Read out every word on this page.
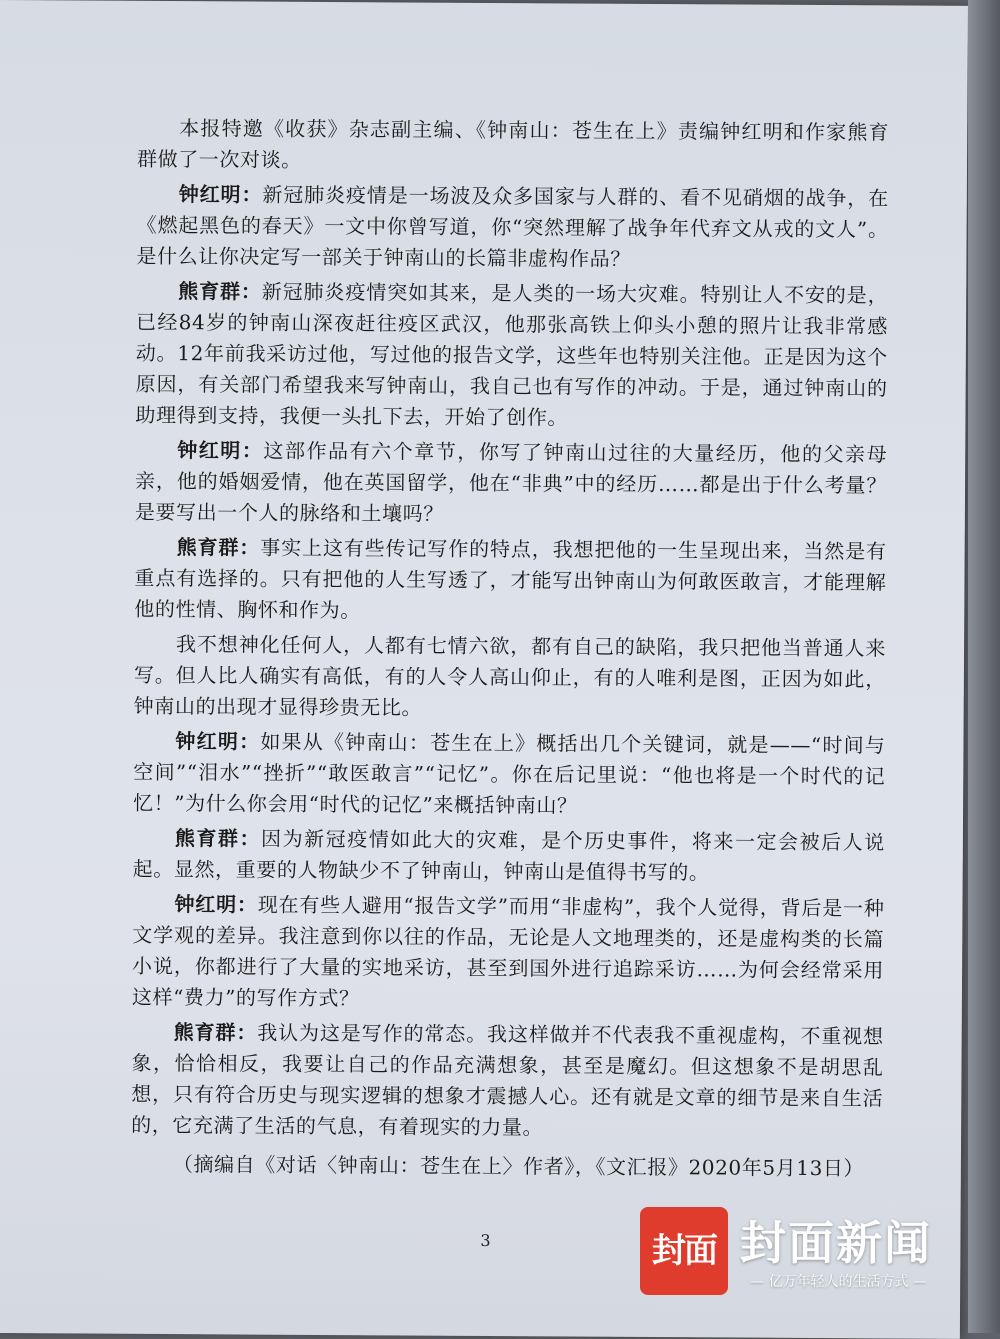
本报特邀《收获》杂志副主编、《钟南山：苍生在上》责编钟红明和作家熊育群做了一次对谈。

钟红明：新冠肺炎疫情是一场波及众多国家与人群的、看不见硝烟的战争，在《燃起黑色的春天》一文中你曾写道，你“突然理解了战争年代弃文从戎的文人”。是什么让你决定写一部关于钟南山的长篇非虚构作品？

熊育群：新冠肺炎疫情突如其来，是人类的一场大灾难。特别让人不安的是，已经84岁的钟南山深夜赶往疫区武汉，他那张高铁上仰头小憩的照片让我非常感动。12年前我采访过他，写过他的报告文学，这些年也特别关注他。正是因为这个原因，有关部门希望我来写钟南山，我自己也有写作的冲动。于是，通过钟南山的助理得到支持，我便一头扎下去，开始了创作。

钟红明：这部作品有六个章节，你写了钟南山过往的大量经历，他的父亲母亲，他的婚姻爱情，他在英国留学，他在“非典”中的经历……都是出于什么考量？是要写出一个人的脉络和土壤吗？

熊育群：事实上这有些传记写作的特点，我想把他的一生呈现出来，当然是有重点有选择的。只有把他的人生写透了，才能写出钟南山为何敢医敢言，才能理解他的性情、胸怀和作为。

我不想神化任何人，人都有七情六欲，都有自己的缺陷，我只把他当普通人来写。但人比人确实有高低，有的人令人高山仰止，有的人唯利是图，正因为如此，钟南山的出现才显得珍贵无比。

钟红明：如果从《钟南山：苍生在上》概括出几个关键词，就是——“时间与空间”“泪水”“挫折”“敢医敢言”“记忆”。你在后记里说：“他也将是一个时代的记忆！”为什么你会用“时代的记忆”来概括钟南山？

熊育群：因为新冠疫情如此大的灾难，是个历史事件，将来一定会被后人说起。显然，重要的人物缺少不了钟南山，钟南山是值得书写的。

钟红明：现在有些人避用“报告文学”而用“非虚构”，我个人觉得，背后是一种文学观的差异。我注意到你以往的作品，无论是人文地理类的，还是虚构类的长篇小说，你都进行了大量的实地采访，甚至到国外进行追踪采访……为何会经常采用这样“费力”的写作方式？

熊育群：我认为这是写作的常态。我这样做并不代表我不重视虚构，不重视想象，恰恰相反，我要让自己的作品充满想象，甚至是魔幻。但这想象不是胡思乱想，只有符合历史与现实逻辑的想象才震撼人心。还有就是文章的细节是来自生活的，它充满了生活的气息，有着现实的力量。

（摘编自《对话〈钟南山：苍生在上〉作者》，《文汇报》2020年5月13日）

3	封面 封面新闻
— 亿万年轻人的生活方式 —
